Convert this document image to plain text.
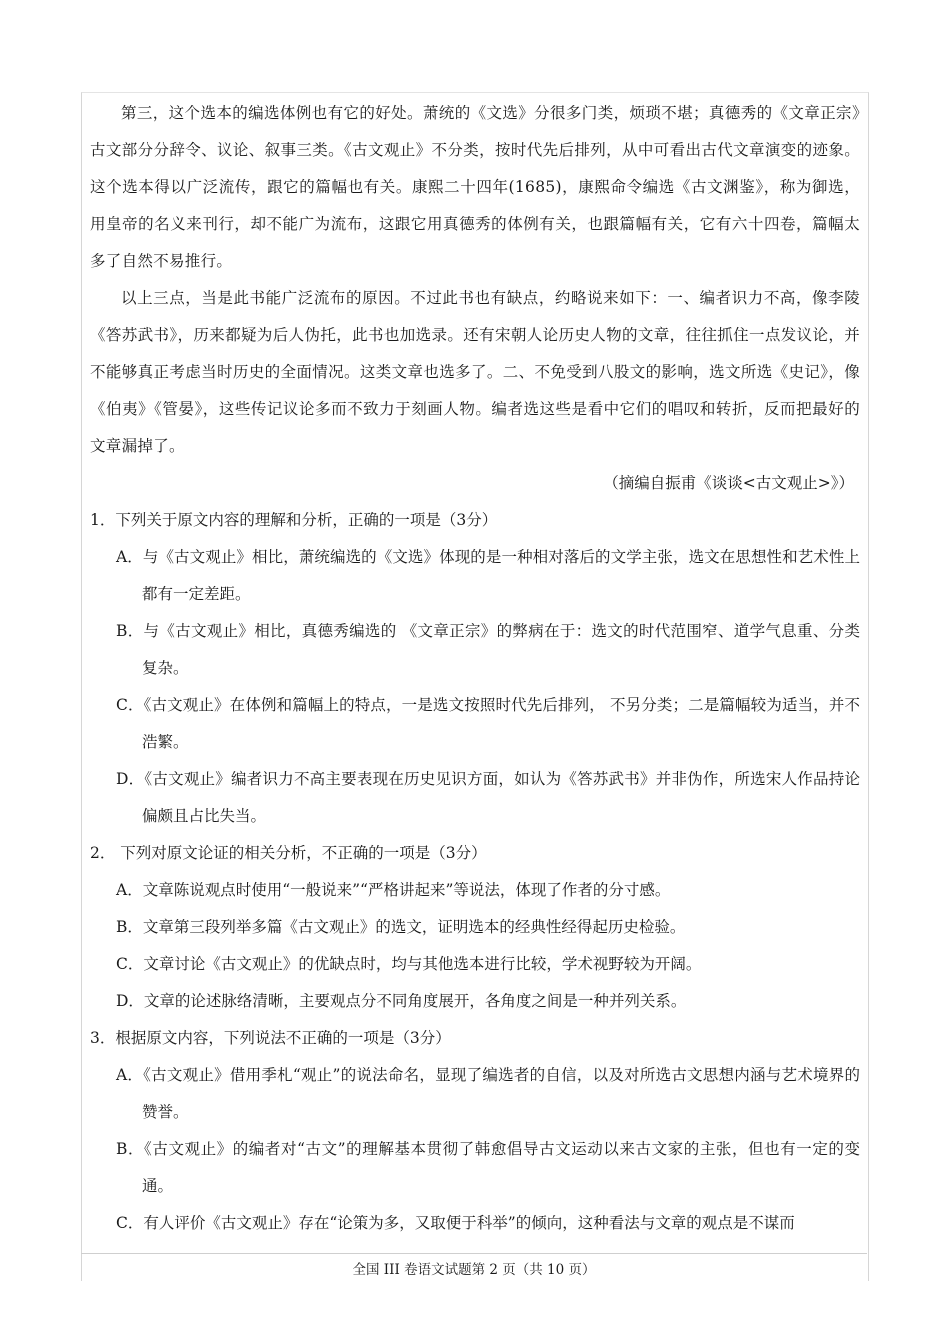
第三，这个选本的编选体例也有它的好处。萧统的《文选》分很多门类，烦琐不堪；真德秀的《文章正宗》古文部分分辞令、议论、叙事三类。《古文观止》不分类，按时代先后排列，从中可看出古代文章演变的迹象。这个选本得以广泛流传，跟它的篇幅也有关。康熙二十四年(1685)，康熙命令编选《古文渊鉴》，称为御选，用皇帝的名义来刊行，却不能广为流布，这跟它用真德秀的体例有关，也跟篇幅有关，它有六十四卷，篇幅太多了自然不易推行。

以上三点，当是此书能广泛流布的原因。不过此书也有缺点，约略说来如下：一、编者识力不高，像李陵《答苏武书》，历来都疑为后人伪托，此书也加选录。还有宋朝人论历史人物的文章，往往抓住一点发议论，并不能够真正考虑当时历史的全面情况。这类文章也选多了。二、不免受到八股文的影响，选文所选《史记》，像《伯夷》《管晏》，这些传记议论多而不致力于刻画人物。编者选这些是看中它们的唱叹和转折，反而把最好的文章漏掉了。

（摘编自振甫《谈谈<古文观止>》）

1．下列关于原文内容的理解和分析，正确的一项是（3分）

A．与《古文观止》相比，萧统编选的《文选》体现的是一种相对落后的文学主张，选文在思想性和艺术性上都有一定差距。

B．与《古文观止》相比，真德秀编选的 《文章正宗》的弊病在于：选文的时代范围窄、道学气息重、分类复杂。

C．《古文观止》在体例和篇幅上的特点，一是选文按照时代先后排列， 不另分类；二是篇幅较为适当，并不浩繁。

D．《古文观止》编者识力不高主要表现在历史见识方面，如认为《答苏武书》并非伪作，所选宋人作品持论偏颇且占比失当。

2． 下列对原文论证的相关分析，不正确的一项是（3分）

A．文章陈说观点时使用“一般说来”“严格讲起来”等说法，体现了作者的分寸感。

B．文章第三段列举多篇《古文观止》的选文，证明选本的经典性经得起历史检验。

C．文章讨论《古文观止》的优缺点时，均与其他选本进行比较，学术视野较为开阔。

D．文章的论述脉络清晰，主要观点分不同角度展开，各角度之间是一种并列关系。

3．根据原文内容，下列说法不正确的一项是（3分）

A．《古文观止》借用季札“观止”的说法命名，显现了编选者的自信，以及对所选古文思想内涵与艺术境界的赞誉。

B．《古文观止》的编者对“古文”的理解基本贯彻了韩愈倡导古文运动以来古文家的主张，但也有一定的变通。

C．有人评价《古文观止》存在“论策为多，又取便于科举”的倾向，这种看法与文章的观点是不谋而

全国 III 卷语文试题第 2 页（共 10 页）
